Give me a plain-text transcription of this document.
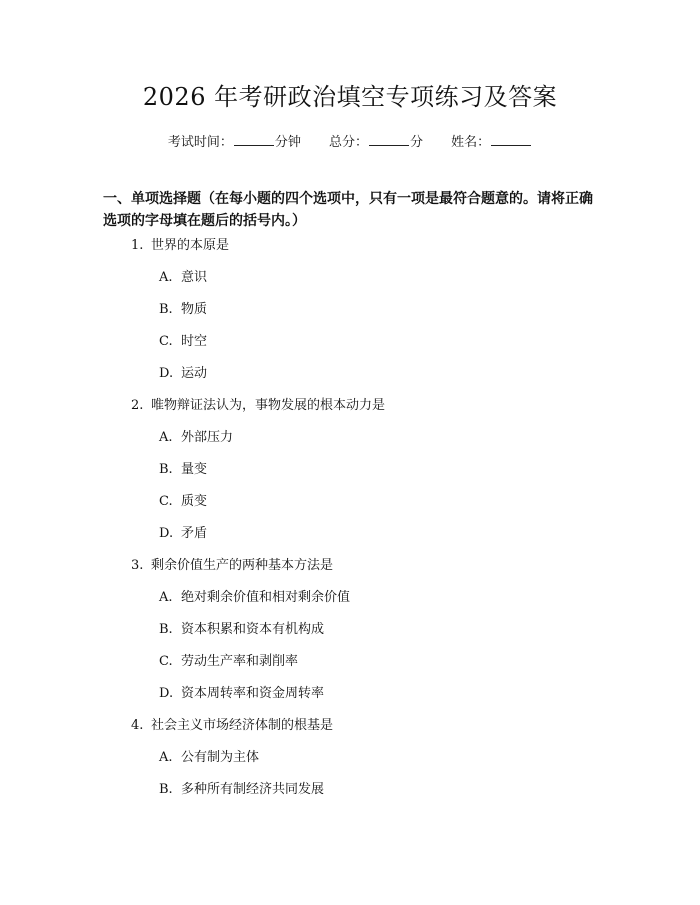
2026 年考研政治填空专项练习及答案
考试时间：	分钟 总分：	分 姓名：
一、单项选择题（在每小题的四个选项中，只有一项是最符合题意的。请将正确
选项的字母填在题后的括号内。）
1. 世界的本原是
A. 意识
B. 物质
C. 时空
D. 运动
2. 唯物辩证法认为，事物发展的根本动力是
A. 外部压力
B. 量变
C. 质变
D. 矛盾
3. 剩余价值生产的两种基本方法是
A. 绝对剩余价值和相对剩余价值
B. 资本积累和资本有机构成
C. 劳动生产率和剥削率
D. 资本周转率和资金周转率
4. 社会主义市场经济体制的根基是
A. 公有制为主体
B. 多种所有制经济共同发展
